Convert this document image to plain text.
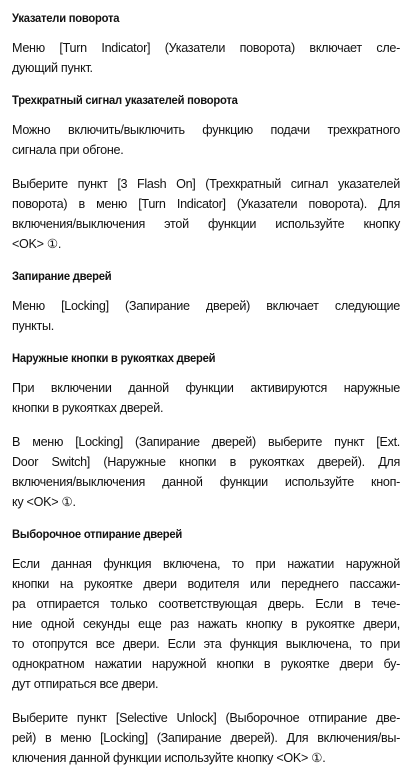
Указатели поворота
Меню [Turn Indicator] (Указатели поворота) включает сле-
дующий пункт.
Трехкратный сигнал указателей поворота
Можно включить/выключить функцию подачи трехкратного
сигнала при обгоне.
Выберите пункт [3 Flash On] (Трехкратный сигнал указателей
поворота) в меню [Turn Indicator] (Указатели поворота). Для
включения/выключения этой функции используйте кнопку
<OK> ①.
Запирание дверей
Меню [Locking] (Запирание дверей) включает следующие
пункты.
Наружные кнопки в рукоятках дверей
При включении данной функции активируются наружные
кнопки в рукоятках дверей.
В меню [Locking] (Запирание дверей) выберите пункт [Ext.
Door Switch] (Наружные кнопки в рукоятках дверей). Для
включения/выключения данной функции используйте кноп-
ку <OK> ①.
Выборочное отпирание дверей
Если данная функция включена, то при нажатии наружной
кнопки на рукоятке двери водителя или переднего пассажи-
ра отпирается только соответствующая дверь. Если в тече-
ние одной секунды еще раз нажать кнопку в рукоятке двери,
то отопрутся все двери. Если эта функция выключена, то при
однократном нажатии наружной кнопки в рукоятке двери бу-
дут отпираться все двери.
Выберите пункт [Selective Unlock] (Выборочное отпирание две-
рей) в меню [Locking] (Запирание дверей). Для включения/вы-
ключения данной функции используйте кнопку <OK> ①.
